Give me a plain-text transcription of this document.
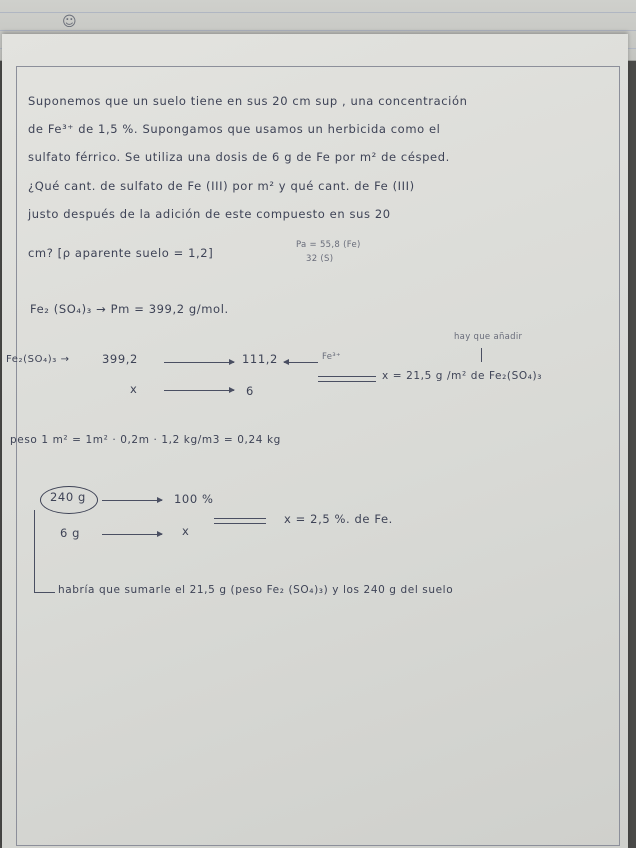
☺
Suponemos que un suelo tiene en sus 20 cm sup , una concentración
de Fe³⁺ de 1,5 %. Supongamos que usamos un herbicida como el
sulfato férrico. Se utiliza una dosis de 6 g de Fe por m² de césped.
¿Qué cant. de sulfato de Fe (III) por m² y qué cant. de Fe (III)
justo después de la adición de este compuesto en sus 20
cm? [ρ aparente suelo = 1,2]
Pa = 55,8 (Fe)
32 (S)
Fe₂ (SO₄)₃ → Pm = 399,2 g/mol.
hay que añadir
Fe₂(SO₄)₃ →	399,2	111,2	Fe³⁺
x	6
x = 21,5 g /m² de Fe₂(SO₄)₃
peso 1 m² = 1m² · 0,2m · 1,2 kg/m3 = 0,24 kg
240 g	100 %
6 g	x
x = 2,5 %. de Fe.
habría que sumarle el 21,5 g (peso Fe₂ (SO₄)₃) y los 240 g del suelo
